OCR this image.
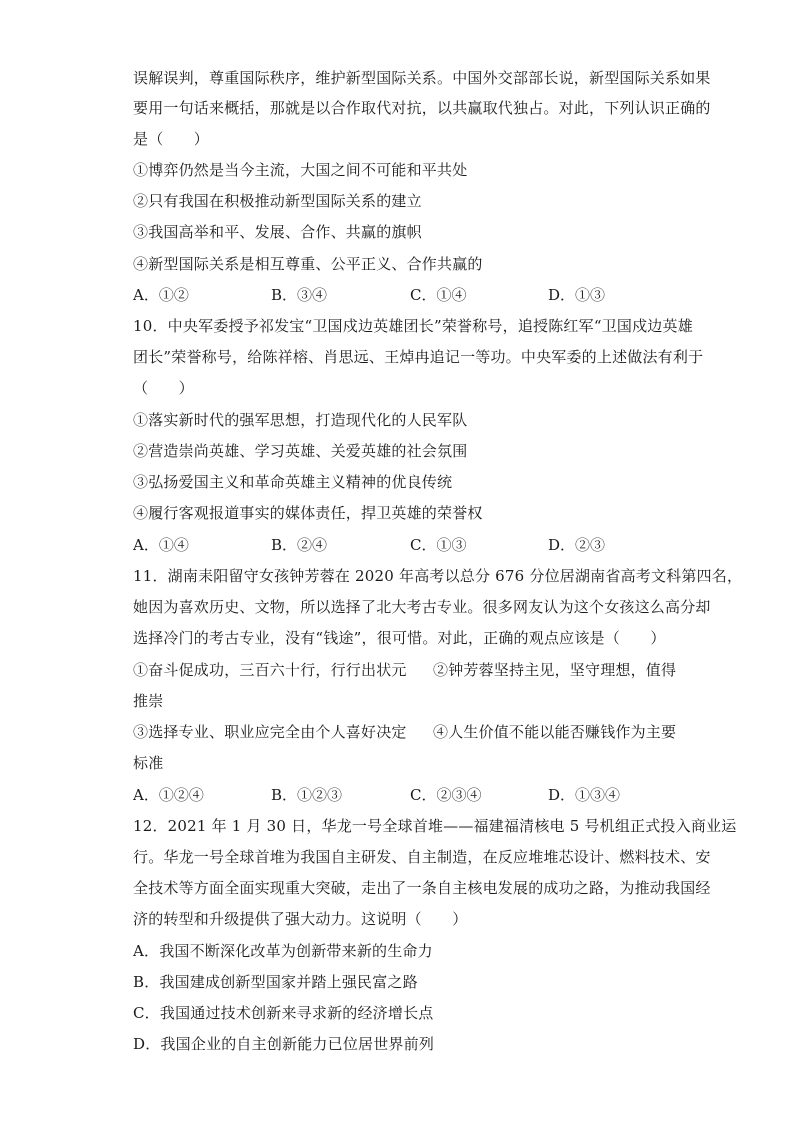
误解误判，尊重国际秩序，维护新型国际关系。中国外交部部长说，新型国际关系如果
要用一句话来概括，那就是以合作取代对抗，以共赢取代独占。对此，下列认识正确的
是（　　）
①博弈仍然是当今主流，大国之间不可能和平共处
②只有我国在积极推动新型国际关系的建立
③我国高举和平、发展、合作、共赢的旗帜
④新型国际关系是相互尊重、公平正义、合作共赢的
A．①②	B．③④	C．①④	D．①③
10．中央军委授予祁发宝“卫国戍边英雄团长”荣誉称号，追授陈红军“卫国戍边英雄
团长”荣誉称号，给陈祥榕、肖思远、王焯冉追记一等功。中央军委的上述做法有利于
（　　）
①落实新时代的强军思想，打造现代化的人民军队
②营造崇尚英雄、学习英雄、关爱英雄的社会氛围
③弘扬爱国主义和革命英雄主义精神的优良传统
④履行客观报道事实的媒体责任，捍卫英雄的荣誉权
A．①④	B．②④	C．①③	D．②③
11．湖南耒阳留守女孩钟芳蓉在 2020 年高考以总分 676 分位居湖南省高考文科第四名，
她因为喜欢历史、文物，所以选择了北大考古专业。很多网友认为这个女孩这么高分却
选择冷门的考古专业，没有“钱途”，很可惜。对此，正确的观点应该是（　　）
①奋斗促成功，三百六十行，行行出状元 ②钟芳蓉坚持主见，坚守理想，值得
推崇
③选择专业、职业应完全由个人喜好决定 ④人生价值不能以能否赚钱作为主要
标准
A．①②④	B．①②③	C．②③④	D．①③④
12．2021 年 1 月 30 日，华龙一号全球首堆——福建福清核电 5 号机组正式投入商业运
行。华龙一号全球首堆为我国自主研发、自主制造，在反应堆堆芯设计、燃料技术、安
全技术等方面全面实现重大突破，走出了一条自主核电发展的成功之路，为推动我国经
济的转型和升级提供了强大动力。这说明（　　）
A．我国不断深化改革为创新带来新的生命力
B．我国建成创新型国家并踏上强民富之路
C．我国通过技术创新来寻求新的经济增长点
D．我国企业的自主创新能力已位居世界前列
